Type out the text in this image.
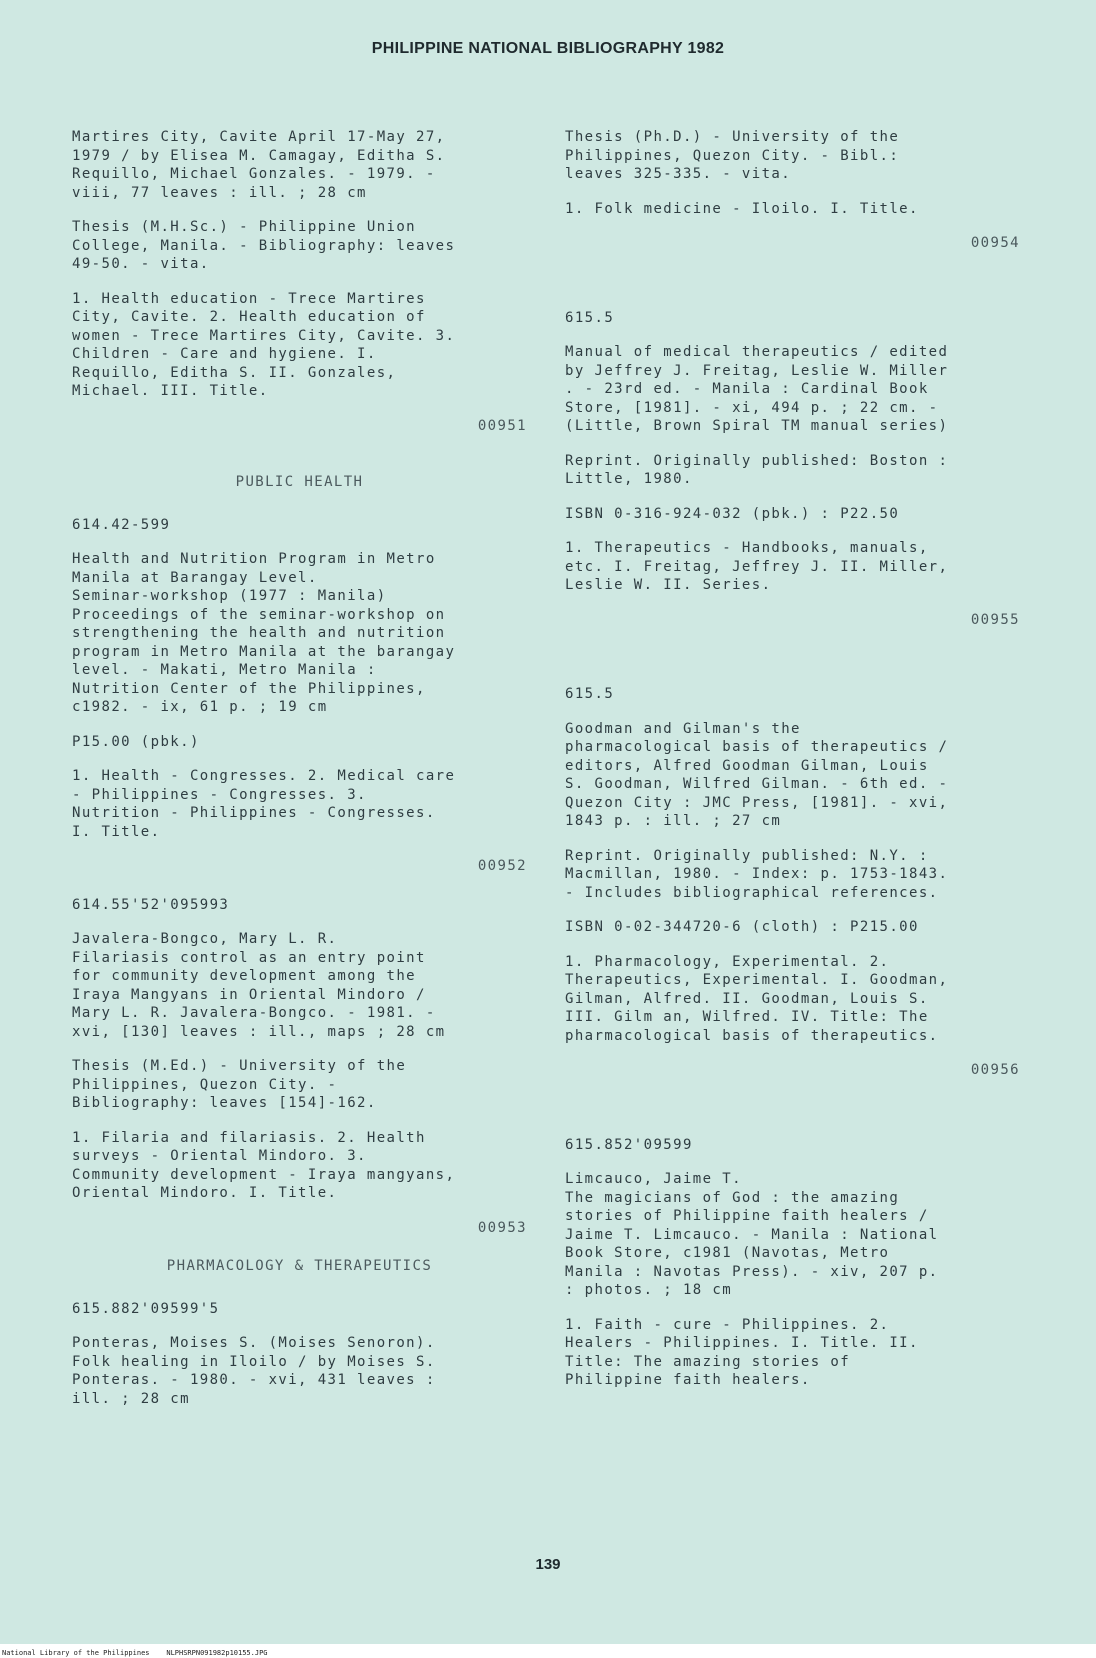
PHILIPPINE NATIONAL BIBLIOGRAPHY 1982
Martires City, Cavite April 17-May 27,
1979 / by Elisea M. Camagay, Editha S.
Requillo, Michael Gonzales. - 1979. -
viii, 77 leaves : ill. ; 28 cm
Thesis (M.H.Sc.) - Philippine Union
College, Manila. - Bibliography: leaves
49-50. - vita.
1. Health education - Trece Martires
City, Cavite. 2. Health education of
women - Trece Martires City, Cavite. 3.
Children - Care and hygiene. I.
Requillo, Editha S. II. Gonzales,
Michael. III. Title.
00951
PUBLIC HEALTH
614.42-599
Health and Nutrition Program in Metro
Manila at Barangay Level.
Seminar-workshop (1977 : Manila)
Proceedings of the seminar-workshop on
strengthening the health and nutrition
program in Metro Manila at the barangay
level. - Makati, Metro Manila :
Nutrition Center of the Philippines,
c1982. - ix, 61 p. ; 19 cm
P15.00 (pbk.)
1. Health - Congresses. 2. Medical care
- Philippines - Congresses. 3.
Nutrition - Philippines - Congresses.
I. Title.
00952
614.55'52'095993
Javalera-Bongco, Mary L. R.
Filariasis control as an entry point
for community development among the
Iraya Mangyans in Oriental Mindoro /
Mary L. R. Javalera-Bongco. - 1981. -
xvi, [130] leaves : ill., maps ; 28 cm
Thesis (M.Ed.) - University of the
Philippines, Quezon City. -
Bibliography: leaves [154]-162.
1. Filaria and filariasis. 2. Health
surveys - Oriental Mindoro. 3.
Community development - Iraya mangyans,
Oriental Mindoro. I. Title.
00953
PHARMACOLOGY & THERAPEUTICS
615.882'09599'5
Ponteras, Moises S. (Moises Senoron).
Folk healing in Iloilo / by Moises S.
Ponteras. - 1980. - xvi, 431 leaves :
ill. ; 28 cm
Thesis (Ph.D.) - University of the
Philippines, Quezon City. - Bibl.:
leaves 325-335. - vita.
1. Folk medicine - Iloilo. I. Title.
00954
615.5
Manual of medical therapeutics / edited
by Jeffrey J. Freitag, Leslie W. Miller
. - 23rd ed. - Manila : Cardinal Book
Store, [1981]. - xi, 494 p. ; 22 cm. -
(Little, Brown Spiral TM manual series)
Reprint. Originally published: Boston :
Little, 1980.
ISBN 0-316-924-032 (pbk.) : P22.50
1. Therapeutics - Handbooks, manuals,
etc. I. Freitag, Jeffrey J. II. Miller,
Leslie W. II. Series.
00955
615.5
Goodman and Gilman's the
pharmacological basis of therapeutics /
editors, Alfred Goodman Gilman, Louis
S. Goodman, Wilfred Gilman. - 6th ed. -
Quezon City : JMC Press, [1981]. - xvi,
1843 p. : ill. ; 27 cm
Reprint. Originally published: N.Y. :
Macmillan, 1980. - Index: p. 1753-1843.
- Includes bibliographical references.
ISBN 0-02-344720-6 (cloth) : P215.00
1. Pharmacology, Experimental. 2.
Therapeutics, Experimental. I. Goodman,
Gilman, Alfred. II. Goodman, Louis S.
III. Gilm an, Wilfred. IV. Title: The
pharmacological basis of therapeutics.
00956
615.852'09599
Limcauco, Jaime T.
The magicians of God : the amazing
stories of Philippine faith healers /
Jaime T. Limcauco. - Manila : National
Book Store, c1981 (Navotas, Metro
Manila : Navotas Press). - xiv, 207 p.
: photos. ; 18 cm
1. Faith - cure - Philippines. 2.
Healers - Philippines. I. Title. II.
Title: The amazing stories of
Philippine faith healers.
139
National Library of the Philippines    NLPHSRPN091982p10155.JPG
